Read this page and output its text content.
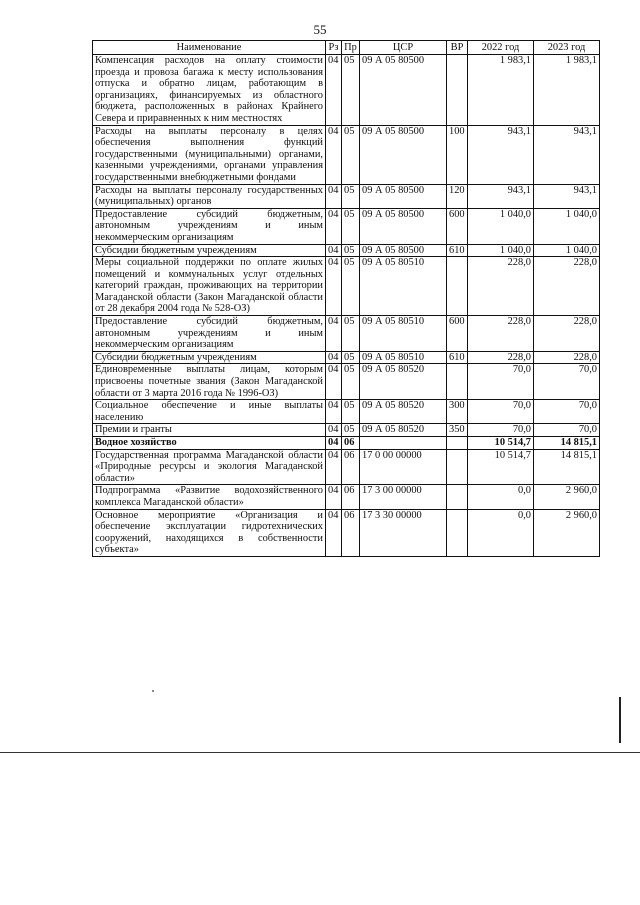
55
Наименование	Рз	Пр	ЦСР	ВР	2022 год	2023 год
Компенсация расходов на оплату стоимости проезда и провоза багажа к месту использования отпуска и обратно лицам, работающим в организациях, финансируемых из областного бюджета, расположенных в районах Крайнего Севера и приравненных к ним местностях	04	05	09 А 05 80500		1 983,1	1 983,1
Расходы на выплаты персоналу в целях обеспечения выполнения функций государственными (муниципальными) органами, казенными учреждениями, органами управления государственными внебюджетными фондами	04	05	09 А 05 80500	100	943,1	943,1
Расходы на выплаты персоналу государственных (муниципальных) органов	04	05	09 А 05 80500	120	943,1	943,1
Предоставление субсидий бюджетным, автономным учреждениям и иным некоммерческим организациям	04	05	09 А 05 80500	600	1 040,0	1 040,0
Субсидии бюджетным учреждениям	04	05	09 А 05 80500	610	1 040,0	1 040,0
Меры социальной поддержки по оплате жилых помещений и коммунальных услуг отдельных категорий граждан, проживающих на территории Магаданской области (Закон Магаданской области от 28 декабря 2004 года № 528-ОЗ)	04	05	09 А 05 80510		228,0	228,0
Предоставление субсидий бюджетным, автономным учреждениям и иным некоммерческим организациям	04	05	09 А 05 80510	600	228,0	228,0
Субсидии бюджетным учреждениям	04	05	09 А 05 80510	610	228,0	228,0
Единовременные выплаты лицам, которым присвоены почетные звания (Закон Магаданской области от 3 марта 2016 года № 1996-ОЗ)	04	05	09 А 05 80520		70,0	70,0
Социальное обеспечение и иные выплаты населению	04	05	09 А 05 80520	300	70,0	70,0
Премии и гранты	04	05	09 А 05 80520	350	70,0	70,0
Водное хозяйство	04	06			10 514,7	14 815,1
Государственная программа Магаданской области «Природные ресурсы и экология Магаданской области»	04	06	17 0 00 00000		10 514,7	14 815,1
Подпрограмма «Развитие водохозяйственного комплекса Магаданской области»	04	06	17 3 00 00000		0,0	2 960,0
Основное мероприятие «Организация и обеспечение эксплуатации гидротехнических сооружений, находящихся в собственности субъекта»	04	06	17 3 30 00000		0,0	2 960,0
